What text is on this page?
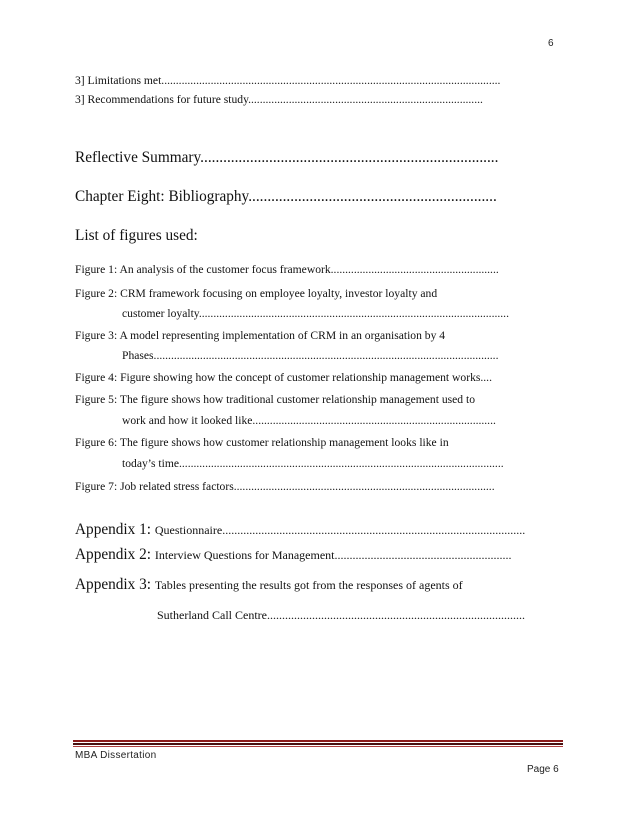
6
3] Limitations met.....................................................................................................................
3] Recommendations for future study.................................................................................
Reflective Summary..............................................................................
Chapter Eight: Bibliography.................................................................
List of figures used:
Figure 1: An analysis of the customer focus framework..........................................................
Figure 2: CRM framework focusing on employee loyalty, investor loyalty and
customer loyalty...........................................................................................................
Figure 3: A model representing implementation of CRM in an organisation by 4
Phases.......................................................................................................................
Figure 4: Figure showing how the concept of customer relationship management works....
Figure 5: The figure shows how traditional customer relationship management used to
work and how it looked like....................................................................................
Figure 6: The figure shows how customer relationship management looks like in
today’s time................................................................................................................
Figure 7: Job related stress factors..........................................................................................
Appendix 1: Questionnaire.....................................................................................................
Appendix 2: Interview Questions for Management...........................................................
Appendix 3: Tables presenting the results got from the responses of agents of
Sutherland Call Centre......................................................................................
MBA Dissertation
Page 6
